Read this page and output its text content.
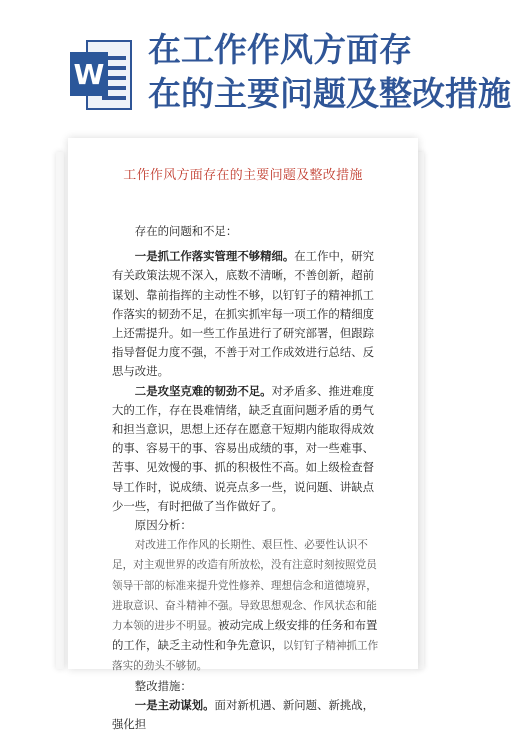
W
在工作作风方面存
在的主要问题及整改措施
工作作风方面存在的主要问题及整改措施

存在的问题和不足：

一是抓工作落实管理不够精细。在工作中，研究有关政策法规不深入，底数不清晰，不善创新，超前谋划、靠前指挥的主动性不够，以钉钉子的精神抓工作落实的韧劲不足，在抓实抓牢每一项工作的精细度上还需提升。如一些工作虽进行了研究部署，但跟踪指导督促力度不强，不善于对工作成效进行总结、反思与改进。

二是攻坚克难的韧劲不足。对矛盾多、推进难度大的工作，存在畏难情绪，缺乏直面问题矛盾的勇气和担当意识，思想上还存在愿意干短期内能取得成效的事、容易干的事、容易出成绩的事，对一些难事、苦事、见效慢的事、抓的积极性不高。如上级检查督导工作时，说成绩、说亮点多一些，说问题、讲缺点少一些，有时把做了当作做好了。

原因分析：

对改进工作作风的长期性、艰巨性、必要性认识不足，对主观世界的改造有所放松，没有注意时刻按照党员领导干部的标准来提升党性修养、理想信念和道德境界，进取意识、奋斗精神不强。导致思想观念、作风状态和能力本领的进步不明显。被动完成上级安排的任务和布置的工作，缺乏主动性和争先意识，以钉钉子精神抓工作落实的劲头不够韧。

整改措施：

一是主动谋划。面对新机遇、新问题、新挑战，强化担
